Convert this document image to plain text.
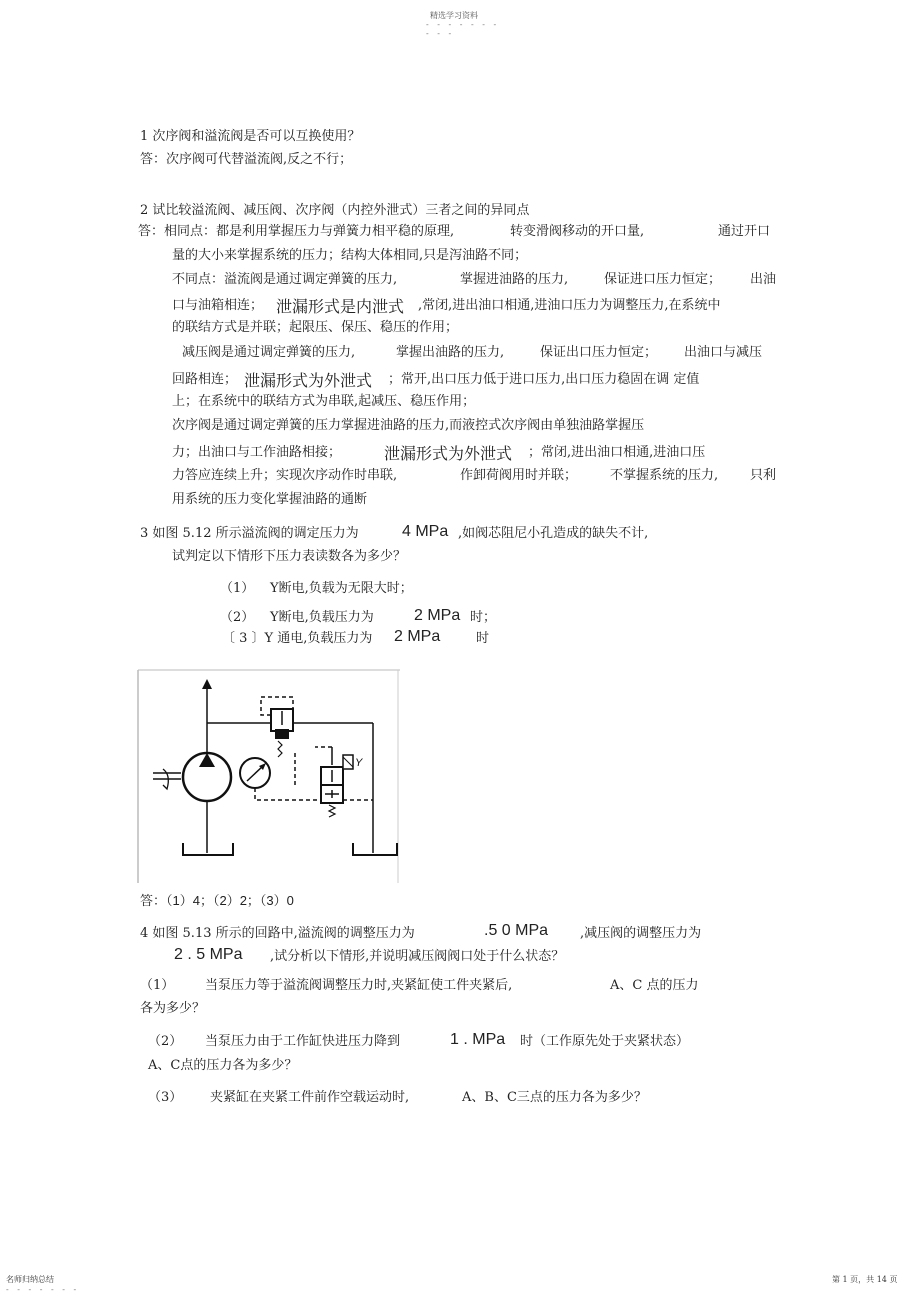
精选学习资料
- - - - - - -
- - -
1 次序阀和溢流阀是否可以互换使用？
答：次序阀可代替溢流阀,反之不行；
2 试比较溢流阀、减压阀、次序阀（内控外泄式）三者之间的异同点
答：相同点：都是利用掌握压力与弹簧力相平稳的原理,	转变滑阀移动的开口量,	通过开口
量的大小来掌握系统的压力；结构大体相同,只是泻油路不同；
不同点：溢流阀是通过调定弹簧的压力,	掌握进油路的压力,	保证进口压力恒定； 出油
口与油箱相连； 泄漏形式是内泄式 ,常闭,进出油口相通,进油口压力为调整压力,在系统中
的联结方式是并联；起限压、保压、稳压的作用；
减压阀是通过调定弹簧的压力,	掌握出油路的压力,	保证出口压力恒定； 出油口与减压
回路相连； 泄漏形式为外泄式 ；常开,出口压力低于进口压力,出口压力稳固在调 定值
上；在系统中的联结方式为串联,起减压、稳压作用；
次序阀是通过调定弹簧的压力掌握进油路的压力,而液控式次序阀由单独油路掌握压
力；出油口与工作油路相接；	泄漏形式为外泄式 ；常闭,进出油口相通,进油口压
力答应连续上升；实现次序动作时串联,	作卸荷阀用时并联；	不掌握系统的压力, 只利
用系统的压力变化掌握油路的通断
3 如图 5.12 所示溢流阀的调定压力为	4 MPa ,如阀芯阻尼小孔造成的缺失不计,
试判定以下情形下压力表读数各为多少？
（1） Y断电,负载为无限大时；
（2） Y断电,负载压力为	2 MPa 时；
〔 3 〕Y 通电,负载压力为 2 MPa	时
Y
答：（1）4；（2）2；（3）0
4 如图 5.13 所示的回路中,溢流阀的调整压力为	.5 0 MPa ,减压阀的调整压力为
2 . 5 MPa ,试分析以下情形,并说明减压阀阀口处于什么状态？
（1） 当泵压力等于溢流阀调整压力时,夹紧缸使工件夹紧后,	A、C 点的压力
各为多少？
（2） 当泵压力由于工作缸快进压力降到	1 . MPa 时（工作原先处于夹紧状态）
A、C点的压力各为多少？
（3） 夹紧缸在夹紧工件前作空载运动时,	A、B、C三点的压力各为多少？
名师归纳总结
- - - - - - -
第 1 页，共 14 页
